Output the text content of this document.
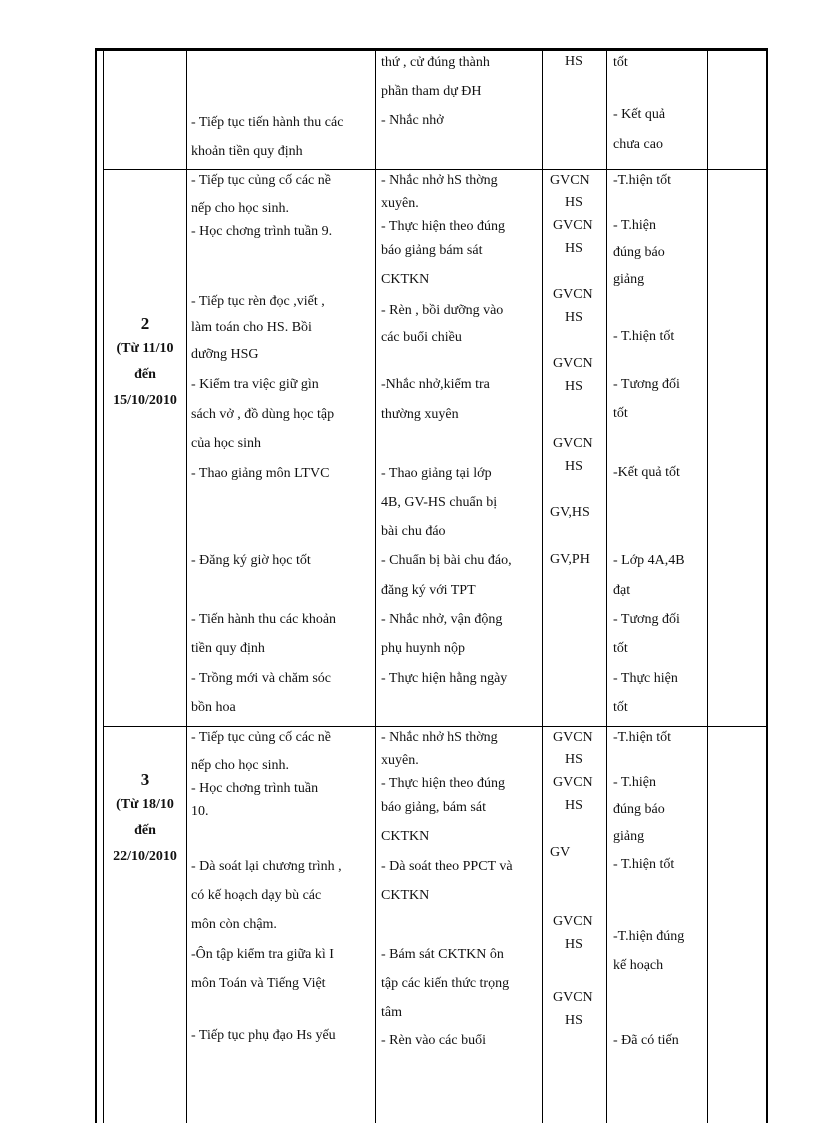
- Tiếp tục tiến hành thu các
khoản tiền quy định
thứ , cử đúng thành
phần tham dự ĐH
- Nhắc nhở
HS tốt
- Kết quả
chưa cao
2
(Từ 11/10
đến
15/10/2010
- Tiếp tục củng cố các nề
nếp cho học sinh.
- Học chơng trình tuần 9.
- Tiếp tục rèn đọc ,viết ,
làm toán cho HS. Bồi
dưỡng HSG
- Kiểm tra việc giữ gìn
sách vở , đồ dùng học tập
của học sinh
- Thao giảng môn LTVC
- Đăng ký giờ học tốt
- Tiến hành thu các khoản
tiền quy định
- Trồng mới và chăm sóc
bồn hoa
- Nhắc nhở hS thờng
xuyên.
- Thực hiện theo đúng
báo giảng bám sát
CKTKN
- Rèn , bồi dưỡng vào
các buổi chiều
-Nhắc nhở,kiểm tra
thường xuyên
- Thao giảng tại lớp
4B, GV-HS chuẩn bị
bài chu đáo
- Chuẩn bị bài chu đáo,
đăng ký với TPT
- Nhắc nhở, vận động
phụ huynh nộp
- Thực hiện hằng ngày
GVCN
HS
GVCN
HS
GVCN
HS
GVCN
HS
GVCN
HS
GV,HS
GV,PH
-T.hiện tốt
- T.hiện
đúng báo
giảng
- T.hiện tốt
- Tương đối
tốt
-Kết quả tốt
- Lớp 4A,4B
đạt
- Tương đối
tốt
- Thực hiện
tốt
3
(Từ 18/10
đến
22/10/2010
- Tiếp tục củng cố các nề
nếp cho học sinh.
- Học chơng trình tuần
10.
- Dà soát lại chương trình ,
có kế hoạch dạy bù các
môn còn chậm.
-Ôn tập kiểm tra giữa kì I
môn Toán và Tiếng Việt
- Tiếp tục phụ đạo Hs yếu
- Nhắc nhở hS thờng
xuyên.
- Thực hiện theo đúng
báo giảng, bám sát
CKTKN
- Dà soát theo PPCT và
CKTKN
- Bám sát CKTKN ôn
tập các kiến thức trọng
tâm
- Rèn vào các buổi
GVCN
HS
GVCN
HS
GV
GVCN
HS
GVCN
HS
-T.hiện tốt
- T.hiện
đúng báo
giảng
- T.hiện tốt
-T.hiện đúng
kế hoạch
- Đã có tiến
